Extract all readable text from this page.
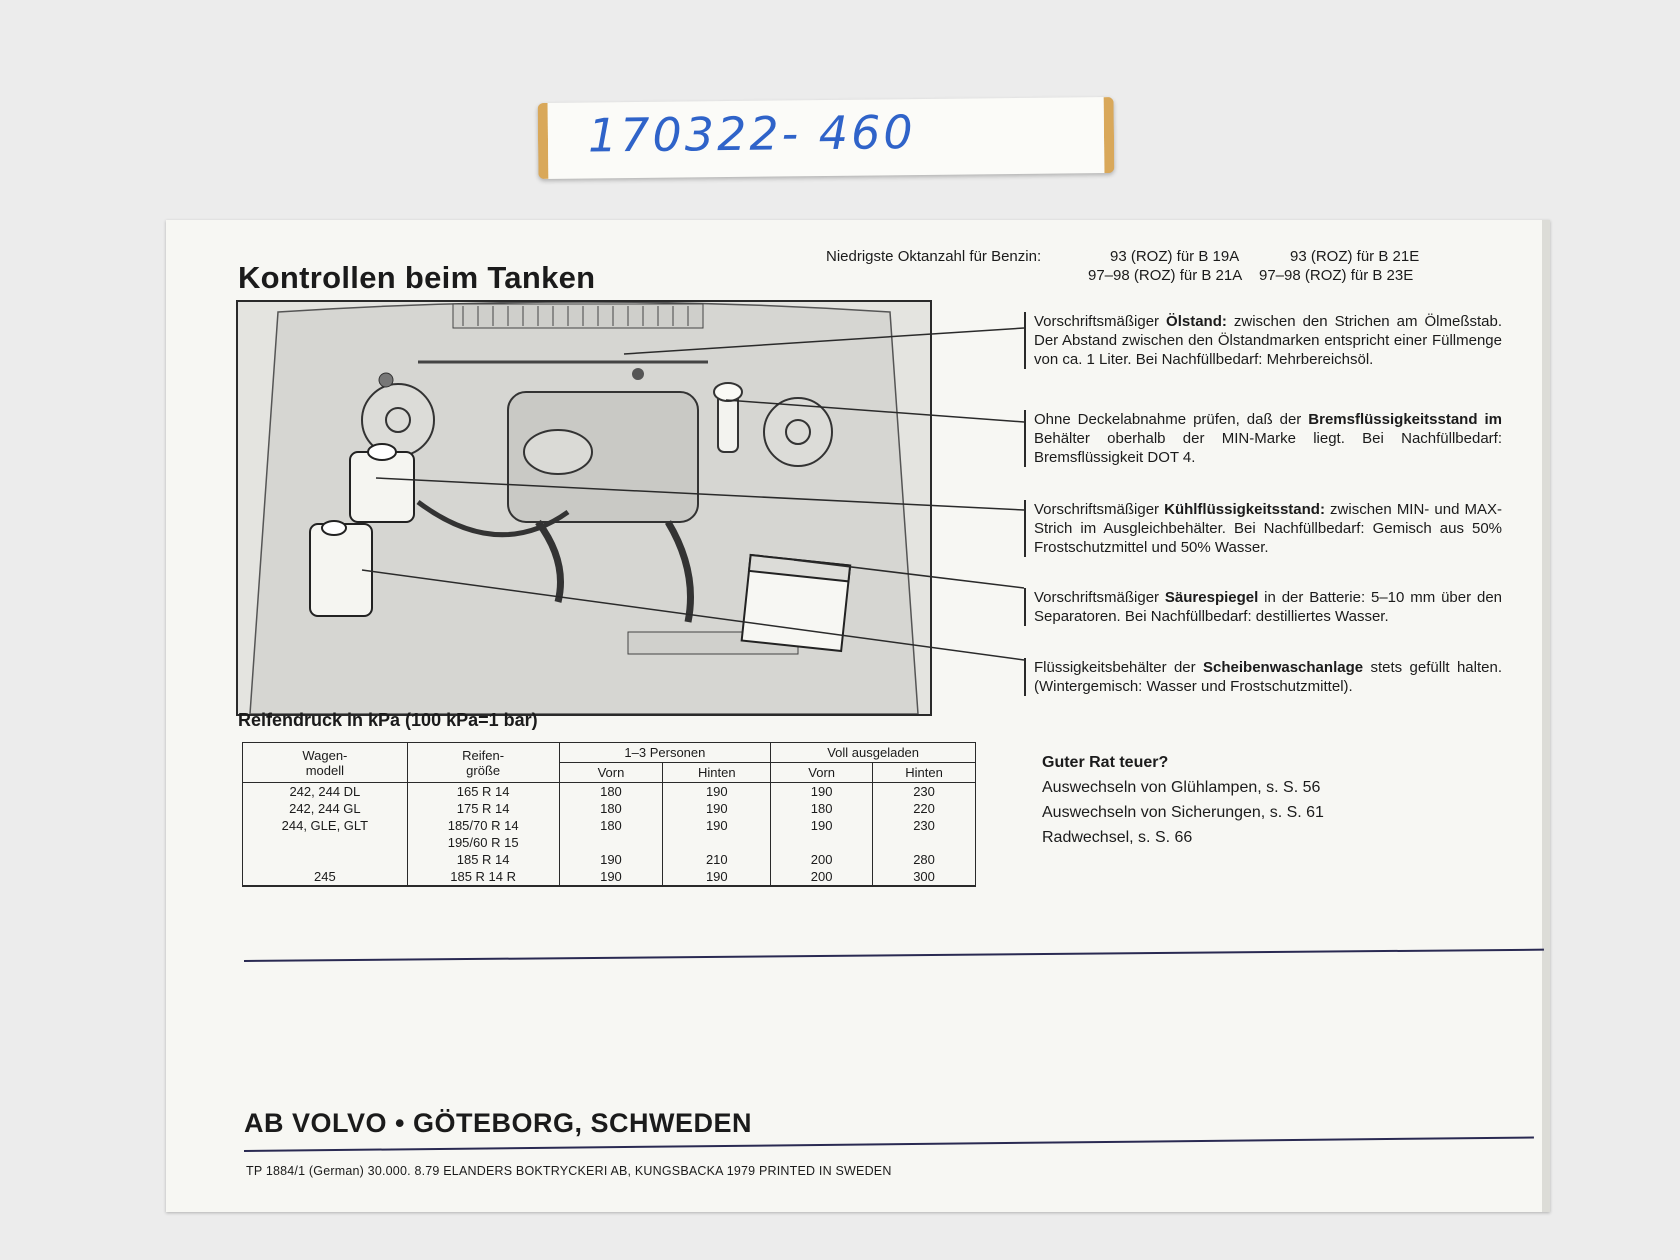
170322- 460
Kontrollen beim Tanken
Niedrigste Oktanzahl für Benzin:	93 (ROZ) für B 19A	93 (ROZ) für B 21E
97–98 (ROZ) für B 21A 97–98 (ROZ) für B 23E
Vorschriftsmäßiger Ölstand: zwischen den Strichen am Ölmeßstab. Der Abstand zwischen den Ölstandmarken entspricht einer Füllmenge von ca. 1 Liter. Bei Nachfüllbedarf: Mehrbereichsöl.
Ohne Deckelabnahme prüfen, daß der Bremsflüssigkeitsstand im Behälter oberhalb der MIN-Marke liegt. Bei Nachfüllbedarf: Bremsflüssigkeit DOT 4.
Vorschriftsmäßiger Kühlflüssigkeitsstand: zwischen MIN- und MAX-Strich im Ausgleichbehälter. Bei Nachfüllbedarf: Gemisch aus 50% Frostschutzmittel und 50% Wasser.
Vorschriftsmäßiger Säurespiegel in der Batterie: 5–10 mm über den Separatoren. Bei Nachfüllbedarf: destilliertes Wasser.
Flüssigkeitsbehälter der Scheibenwaschanlage stets gefüllt halten. (Wintergemisch: Wasser und Frostschutzmittel).
Reifendruck in kPa (100 kPa=1 bar)
Wagen-
modell	Reifen-
größe	1–3 Personen		Voll ausgeladen	
		Vorn	Hinten	Vorn	Hinten
242, 244 DL	165 R 14	180	190	190	230
242, 244 GL	175 R 14	180	190	180	220
244, GLE, GLT	185/70 R 14	180	190	190	230
	195/60 R 15				
	185 R 14	190	210	200	280
245	185 R 14 R	190	190	200	300
Guter Rat teuer?
Auswechseln von Glühlampen, s. S. 56
Auswechseln von Sicherungen, s. S. 61
Radwechsel, s. S. 66
AB VOLVO • GÖTEBORG, SCHWEDEN
TP 1884/1 (German) 30.000. 8.79 ELANDERS BOKTRYCKERI AB, KUNGSBACKA 1979 PRINTED IN SWEDEN
